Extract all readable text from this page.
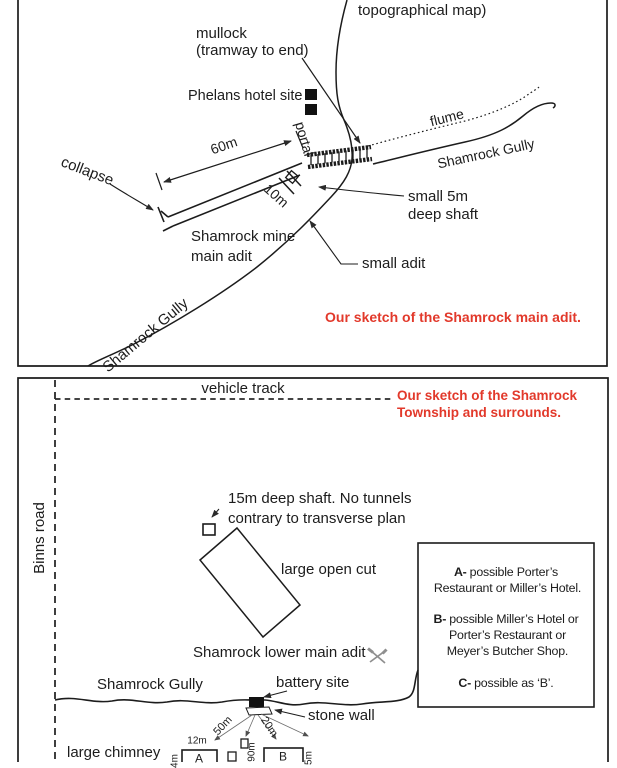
topographical map)
mullock
(tramway to end)
Phelans hotel site
portal
collapse
60m
10m
flume
Shamrock Gully
small 5m
deep shaft
Shamrock mine
main adit	small adit
Shamrock Gully	Our sketch of the Shamrock main adit.
vehicle track	Our sketch of the Shamrock
Township and surrounds.
Binns road
15m deep shaft. No tunnels
contrary to transverse plan
large open cut
Shamrock lower main adit
Shamrock Gully	battery site
stone wall
large chimney
50m 20m
12m
90m
4m	5m
A	B
A- possible Porter’s
Restaurant or Miller’s Hotel.
B- possible Miller’s Hotel or
Porter’s Restaurant or
Meyer’s Butcher Shop.
C- possible as ‘B’.
